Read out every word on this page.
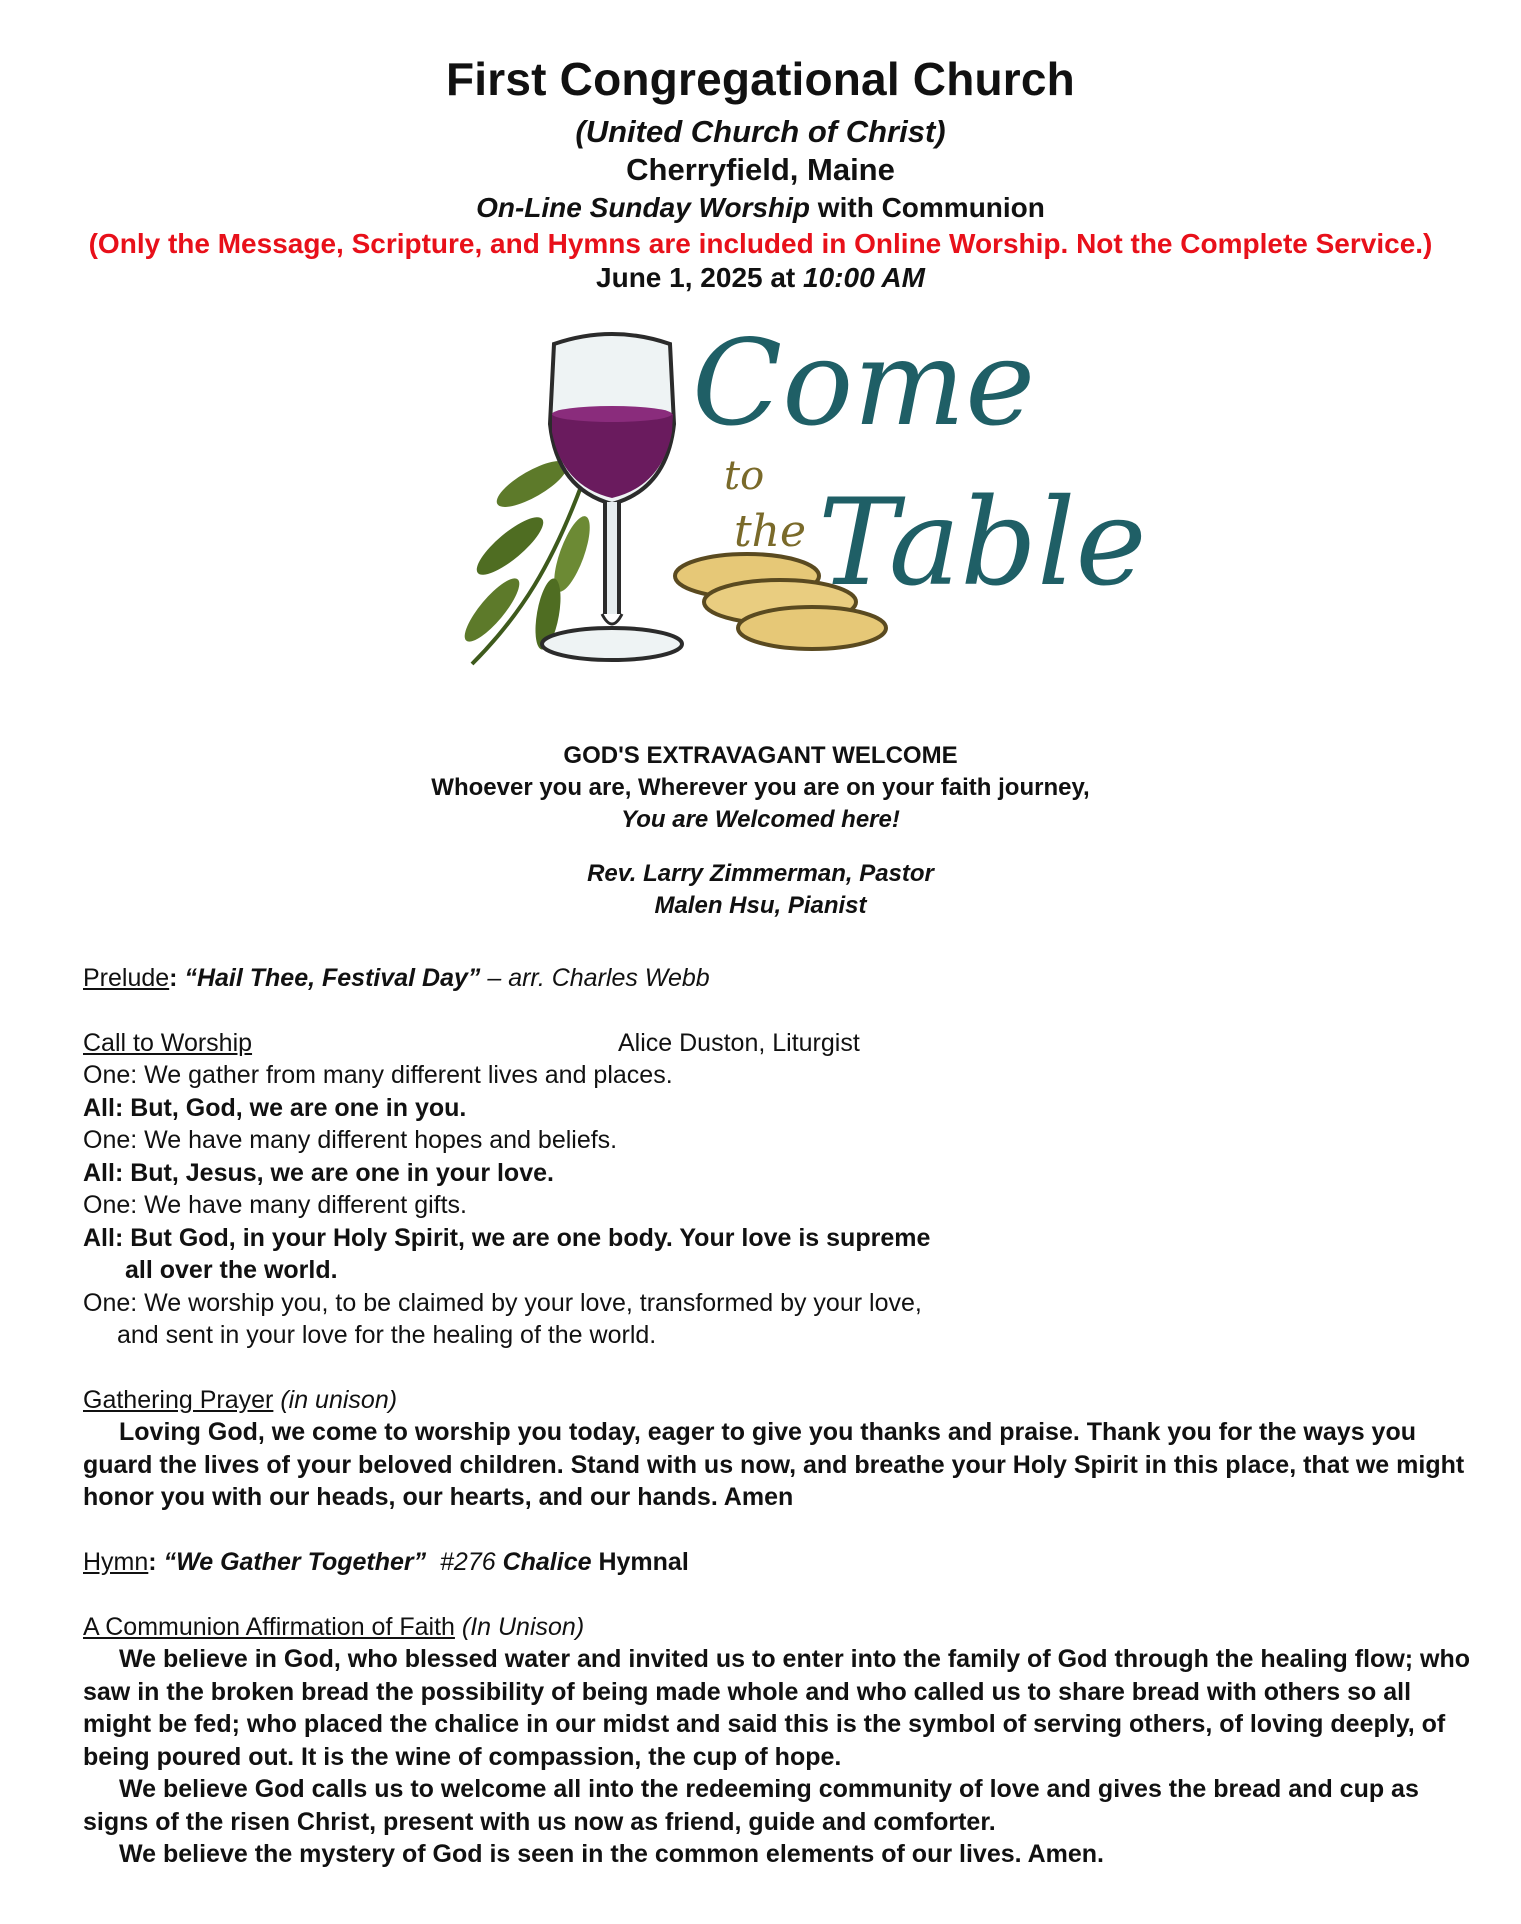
First Congregational Church
(United Church of Christ)
Cherryfield, Maine
On-Line Sunday Worship with Communion
(Only the Message, Scripture, and Hymns are included in Online Worship. Not the Complete Service.)
June 1, 2025 at 10:00 AM
Come
to
the Table
GOD'S EXTRAVAGANT WELCOME
Whoever you are, Wherever you are on your faith journey,
You are Welcomed here!
Rev. Larry Zimmerman, Pastor
Malen Hsu, Pianist
Prelude: “Hail Thee, Festival Day” – arr. Charles Webb
Call to Worship	Alice Duston, Liturgist
One: We gather from many different lives and places.
All: But, God, we are one in you.
One: We have many different hopes and beliefs.
All: But, Jesus, we are one in your love.
One: We have many different gifts.
All: But God, in your Holy Spirit, we are one body. Your love is supreme
all over the world.
One: We worship you, to be claimed by your love, transformed by your love,
and sent in your love for the healing of the world.
Gathering Prayer (in unison)
Loving God, we come to worship you today, eager to give you thanks and praise. Thank you for the ways you guard the lives of your beloved children. Stand with us now, and breathe your Holy Spirit in this place, that we might honor you with our heads, our hearts, and our hands. Amen
Hymn: “We Gather Together”  #276 Chalice Hymnal
A Communion Affirmation of Faith (In Unison)
We believe in God, who blessed water and invited us to enter into the family of God through the healing flow; who saw in the broken bread the possibility of being made whole and who called us to share bread with others so all might be fed; who placed the chalice in our midst and said this is the symbol of serving others, of loving deeply, of being poured out. It is the wine of compassion, the cup of hope.
We believe God calls us to welcome all into the redeeming community of love and gives the bread and cup as signs of the risen Christ, present with us now as friend, guide and comforter.
We believe the mystery of God is seen in the common elements of our lives. Amen.
